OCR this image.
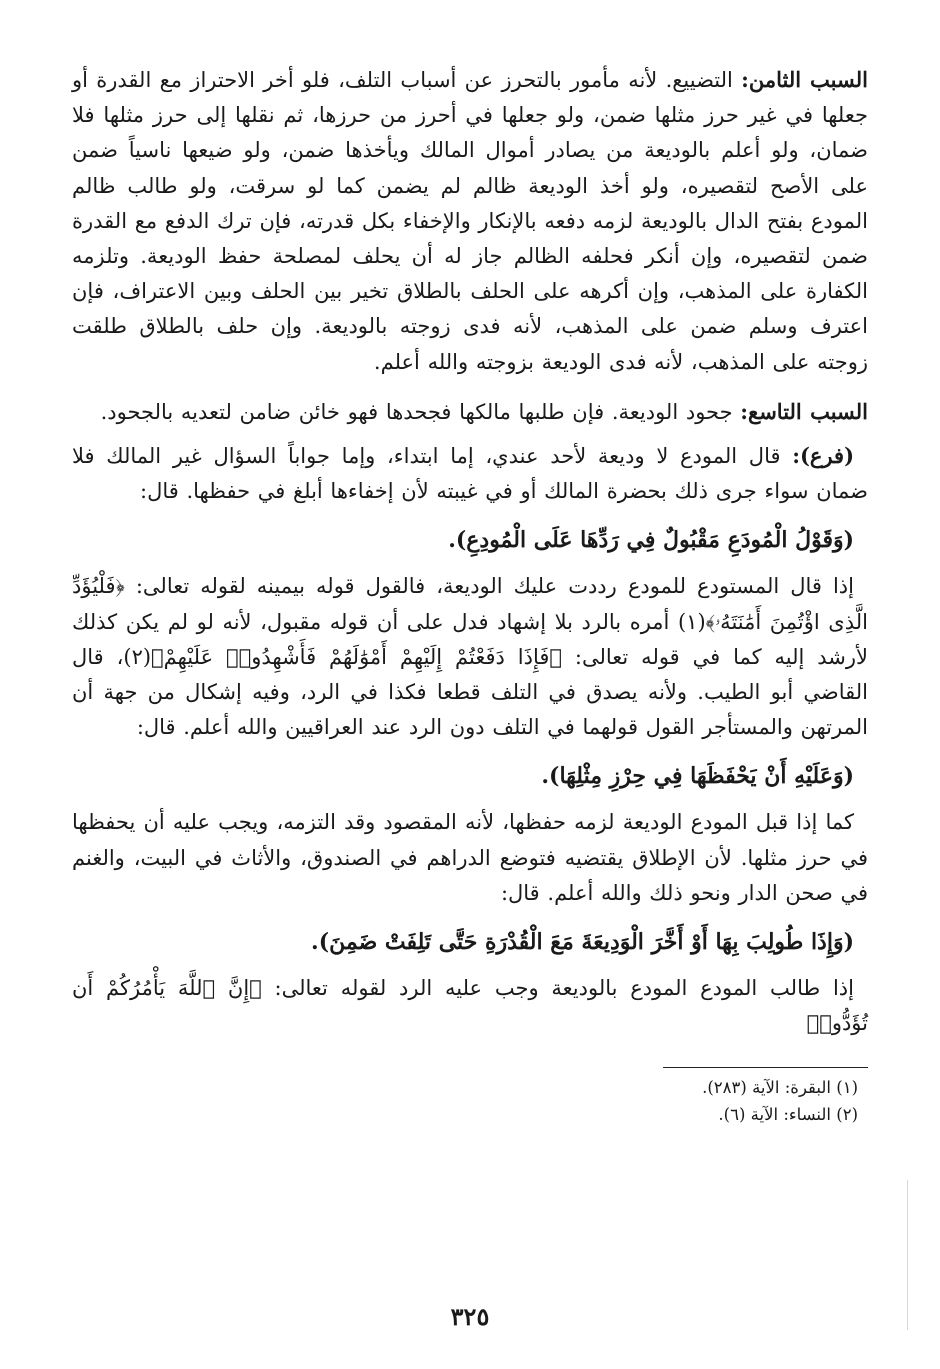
السبب الثامن: التضييع. لأنه مأمور بالتحرز عن أسباب التلف، فلو أخر الاحتراز مع القدرة أو جعلها في غير حرز مثلها ضمن، ولو جعلها في أحرز من حرزها، ثم نقلها إلى حرز مثلها فلا ضمان، ولو أعلم بالوديعة من يصادر أموال المالك ويأخذها ضمن، ولو ضيعها ناسياً ضمن على الأصح لتقصيره، ولو أخذ الوديعة ظالم لم يضمن كما لو سرقت، ولو طالب ظالم المودع بفتح الدال بالوديعة لزمه دفعه بالإنكار والإخفاء بكل قدرته، فإن ترك الدفع مع القدرة ضمن لتقصيره، وإن أنكر فحلفه الظالم جاز له أن يحلف لمصلحة حفظ الوديعة. وتلزمه الكفارة على المذهب، وإن أكرهه على الحلف بالطلاق تخير بين الحلف وبين الاعتراف، فإن اعترف وسلم ضمن على المذهب، لأنه فدى زوجته بالوديعة. وإن حلف بالطلاق طلقت زوجته على المذهب، لأنه فدى الوديعة بزوجته والله أعلم.

السبب التاسع: جحود الوديعة. فإن طلبها مالكها فجحدها فهو خائن ضامن لتعديه بالجحود.

(فرع): قال المودع لا وديعة لأحد عندي، إما ابتداء، وإما جواباً السؤال غير المالك فلا ضمان سواء جرى ذلك بحضرة المالك أو في غيبته لأن إخفاءها أبلغ في حفظها. قال:

(وَقَوْلُ الْمُودَعِ مَقْبُولٌ فِي رَدِّهَا عَلَى الْمُودِعِ).

إذا قال المستودع للمودع رددت عليك الوديعة، فالقول قوله بيمينه لقوله تعالى: ﴿فَلْيُؤَدِّ الَّذِى اؤْتُمِنَ أَمَٰنَتَهُۥ﴾(١) أمره بالرد بلا إشهاد فدل على أن قوله مقبول، لأنه لو لم يكن كذلك لأرشد إليه كما في قوله تعالى: ﴿فَإِذَا دَفَعْتُمْ إِلَيْهِمْ أَمْوَٰلَهُمْ فَأَشْهِدُوا۟ عَلَيْهِمْ﴾(٢)، قال القاضي أبو الطيب. ولأنه يصدق في التلف قطعا فكذا في الرد، وفيه إشكال من جهة أن المرتهن والمستأجر القول قولهما في التلف دون الرد عند العراقيين والله أعلم. قال:

(وَعَلَيْهِ أَنْ يَحْفَظَهَا فِي حِرْزِ مِثْلِهَا).

كما إذا قبل المودع الوديعة لزمه حفظها، لأنه المقصود وقد التزمه، ويجب عليه أن يحفظها في حرز مثلها. لأن الإطلاق يقتضيه فتوضع الدراهم في الصندوق، والأثاث في البيت، والغنم في صحن الدار ونحو ذلك والله أعلم. قال:

(وَإِذَا طُولِبَ بِهَا أَوْ أَخَّرَ الْوَدِيعَةَ مَعَ الْقُدْرَةِ حَتَّى تَلِفَتْ ضَمِنَ).

إذا طالب المودع المودع بالوديعة وجب عليه الرد لقوله تعالى: ﴿إِنَّ ٱللَّهَ يَأْمُرُكُمْ أَن تُؤَدُّوا۟

(١) البقرة: الآية (٢٨٣).

(٢) النساء: الآية (٦).

٣٢٥
